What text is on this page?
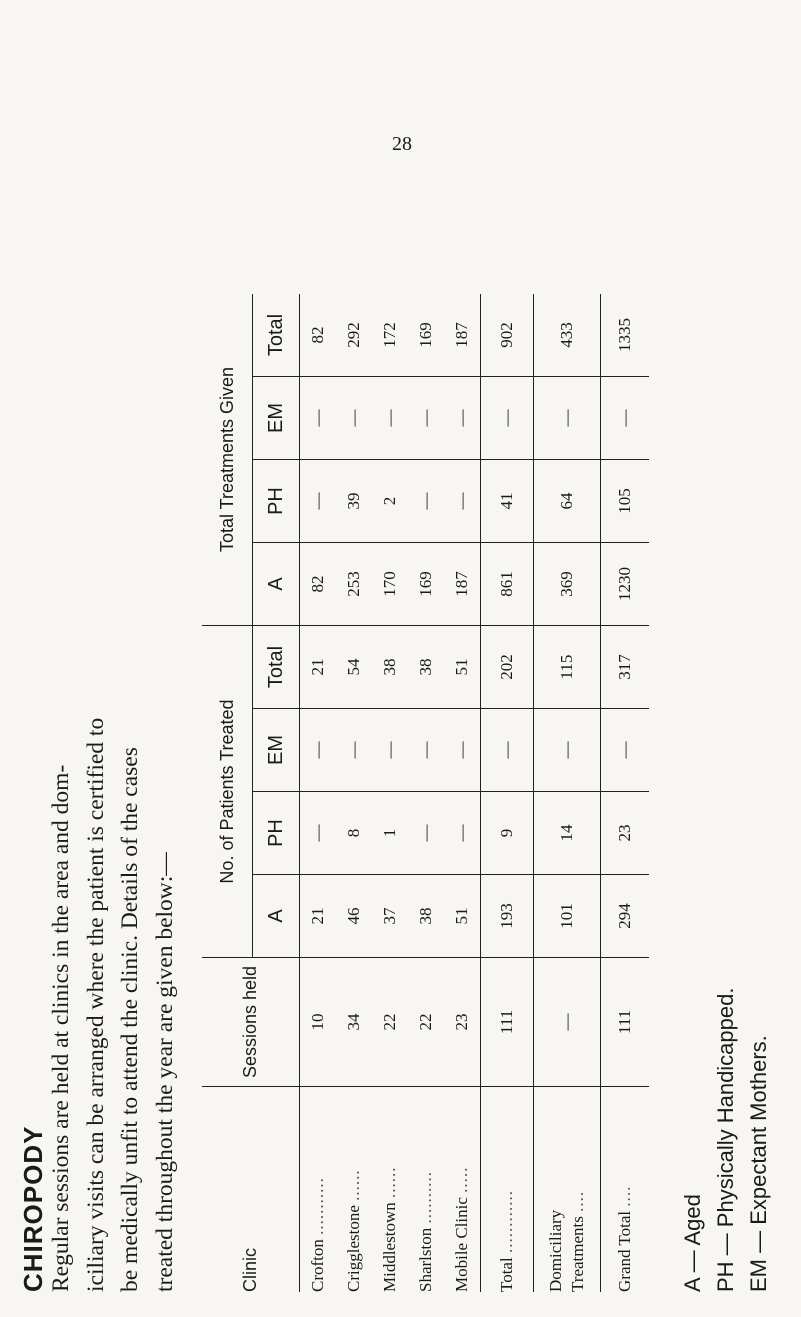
28
CHIROPODY Regular sessions are held at clinics in the area and dom- iciliary visits can be arranged where the patient is certified to be medically unfit to attend the clinic. Details of the cases treated throughout the year are given below:—	Clinic	Sessions held	No. of Patients Treated				Total Treatments Given			
		A	PH	EM	Total	A	PH	EM	Total
Crofton ...........	10	21	—	—	21	82	—	—	82
Crigglestone ......	34	46	8	—	54	253	39	—	292
Middlestown ......	22	37	1	—	38	170	2	—	172
Sharlston ..........	22	38	—	—	38	169	—	—	169
Mobile Clinic .....	23	51	—	—	51	187	—	—	187
Total ............	111	193	9	—	202	861	41	—	902
Domiciliary Treatments ....	—	101	14	—	115	369	64	—	433
Grand Total ....	111	294	23	—	317	1230	105	—	1335
A — Aged PH — Physically Handicapped. EM — Expectant Mothers.
